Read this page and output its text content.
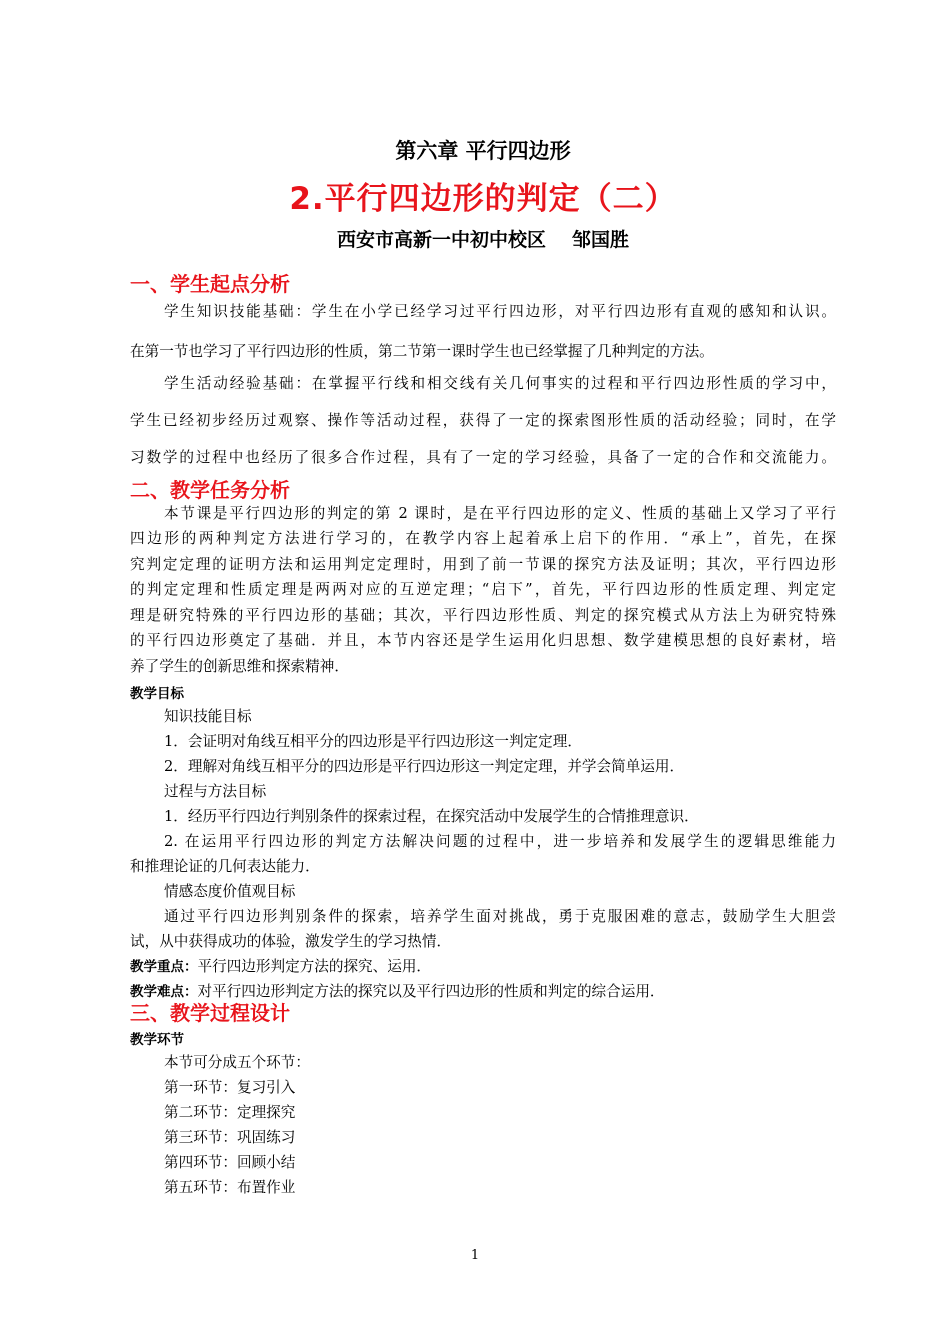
第六章 平行四边形
2.平行四边形的判定（二）
西安市高新一中初中校区 邹国胜
一、学生起点分析
学生知识技能基础：学生在小学已经学习过平行四边形，对平行四边形有直观的感知和认识。
在第一节也学习了平行四边形的性质，第二节第一课时学生也已经掌握了几种判定的方法。
学生活动经验基础：在掌握平行线和相交线有关几何事实的过程和平行四边形性质的学习中，
学生已经初步经历过观察、操作等活动过程，获得了一定的探索图形性质的活动经验；同时，在学
习数学的过程中也经历了很多合作过程，具有了一定的学习经验，具备了一定的合作和交流能力。
二、教学任务分析
本节课是平行四边形的判定的第 2 课时，是在平行四边形的定义、性质的基础上又学习了平行
四边形的两种判定方法进行学习的，在教学内容上起着承上启下的作用．“承上”，首先，在探
究判定定理的证明方法和运用判定定理时，用到了前一节课的探究方法及证明；其次，平行四边形
的判定定理和性质定理是两两对应的互逆定理；“启下”，首先，平行四边形的性质定理、判定定
理是研究特殊的平行四边形的基础；其次，平行四边形性质、判定的探究模式从方法上为研究特殊
的平行四边形奠定了基础．并且，本节内容还是学生运用化归思想、数学建模思想的良好素材，培
养了学生的创新思维和探索精神．
教学目标
知识技能目标
1．会证明对角线互相平分的四边形是平行四边形这一判定定理．
2．理解对角线互相平分的四边形是平行四边形这一判定定理，并学会简单运用．
过程与方法目标
1．经历平行四边行判别条件的探索过程，在探究活动中发展学生的合情推理意识．
2. 在运用平行四边形的判定方法解决问题的过程中，进一步培养和发展学生的逻辑思维能力
和推理论证的几何表达能力．
情感态度价值观目标
通过平行四边形判别条件的探索，培养学生面对挑战，勇于克服困难的意志，鼓励学生大胆尝
试，从中获得成功的体验，激发学生的学习热情．
教学重点：平行四边形判定方法的探究、运用．
教学难点：对平行四边形判定方法的探究以及平行四边形的性质和判定的综合运用．
三、教学过程设计
教学环节
本节可分成五个环节：
第一环节：复习引入
第二环节：定理探究
第三环节：巩固练习
第四环节：回顾小结
第五环节：布置作业
1
